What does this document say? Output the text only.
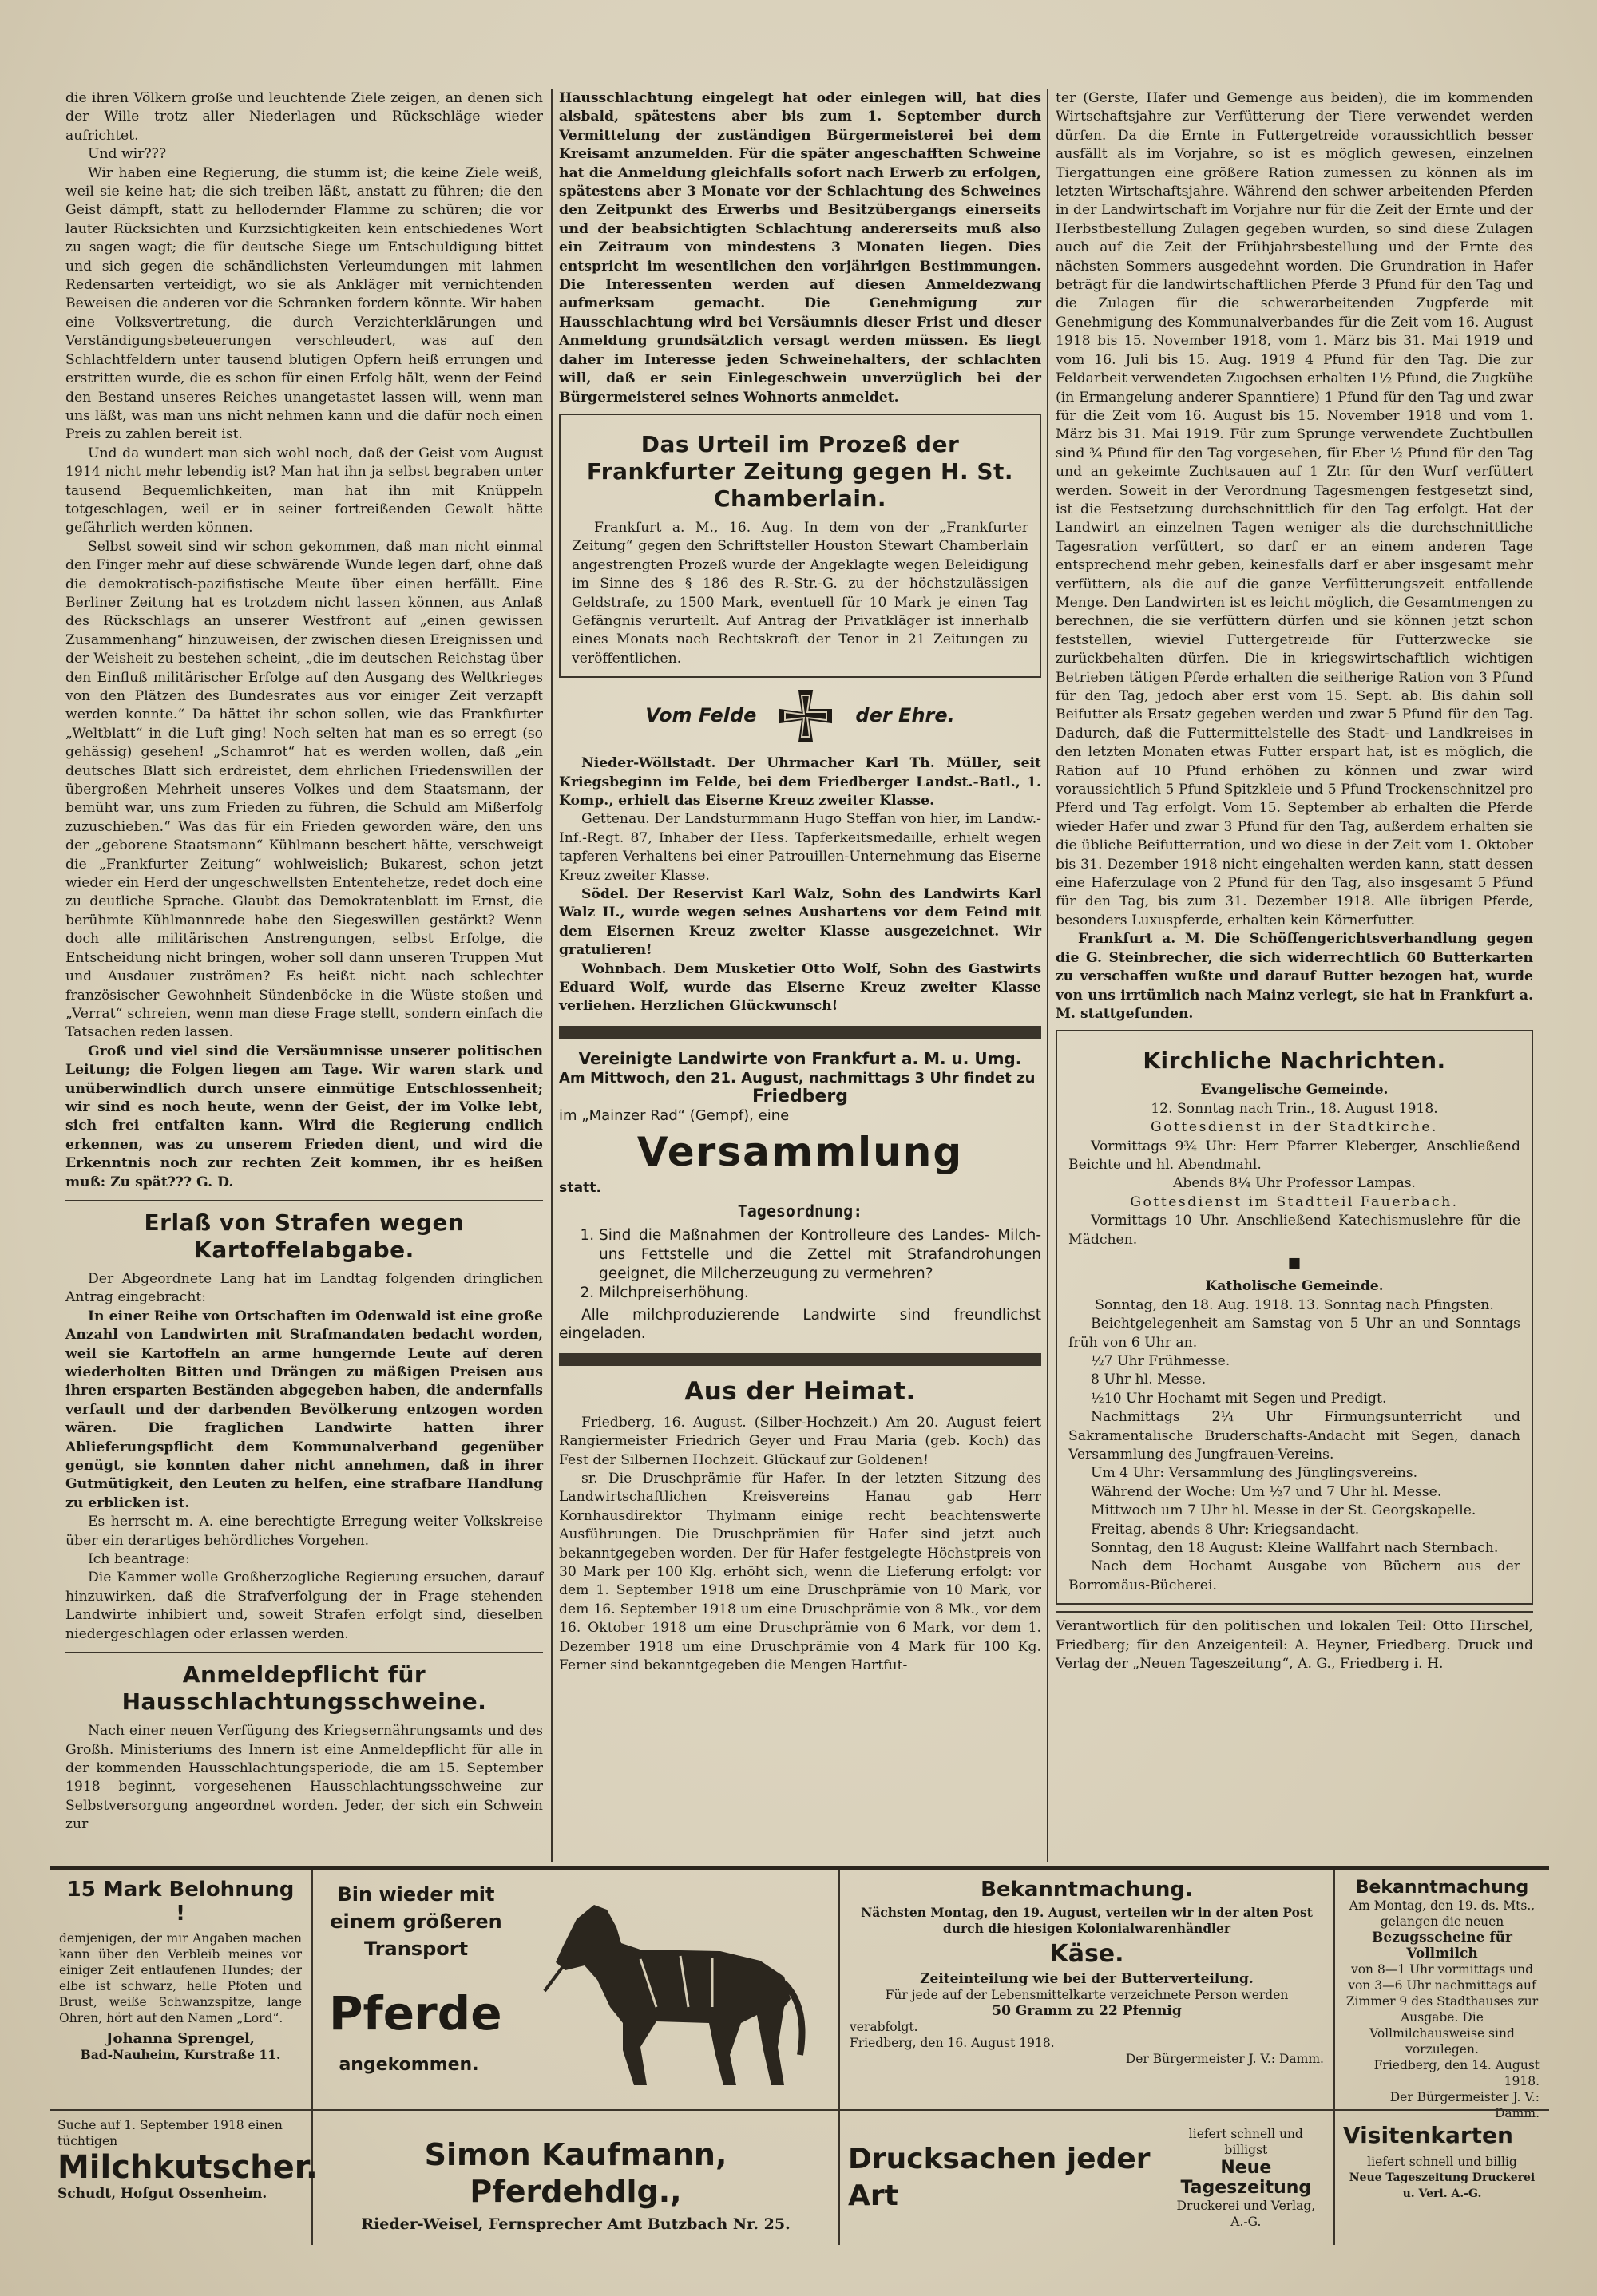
die ihren Völkern große und leuchtende Ziele zeigen, an denen sich der Wille trotz aller Niederlagen und Rückschläge wieder aufrichtet.

Und wir???

Wir haben eine Regierung, die stumm ist; die keine Ziele weiß, weil sie keine hat; die sich treiben läßt, anstatt zu führen; die den Geist dämpft, statt zu hellodernder Flamme zu schüren; die vor lauter Rücksichten und Kurzsichtigkeiten kein entschiedenes Wort zu sagen wagt; die für deutsche Siege um Entschuldigung bittet und sich gegen die schändlichsten Verleumdungen mit lahmen Redensarten verteidigt, wo sie als Ankläger mit vernichtenden Beweisen die anderen vor die Schranken fordern könnte. Wir haben eine Volksvertretung, die durch Verzichterklärungen und Verständigungsbeteuerungen verschleudert, was auf den Schlachtfeldern unter tausend blutigen Opfern heiß errungen und erstritten wurde, die es schon für einen Erfolg hält, wenn der Feind den Bestand unseres Reiches unangetastet lassen will, wenn man uns läßt, was man uns nicht nehmen kann und die dafür noch einen Preis zu zahlen bereit ist.

Und da wundert man sich wohl noch, daß der Geist vom August 1914 nicht mehr lebendig ist? Man hat ihn ja selbst begraben unter tausend Bequemlichkeiten, man hat ihn mit Knüppeln totgeschlagen, weil er in seiner fortreißenden Gewalt hätte gefährlich werden können.

Selbst soweit sind wir schon gekommen, daß man nicht einmal den Finger mehr auf diese schwärende Wunde legen darf, ohne daß die demokratisch-pazifistische Meute über einen herfällt. Eine Berliner Zeitung hat es trotzdem nicht lassen können, aus Anlaß des Rückschlags an unserer Westfront auf „einen gewissen Zusammenhang“ hinzuweisen, der zwischen diesen Ereignissen und der Weisheit zu bestehen scheint, „die im deutschen Reichstag über den Einfluß militärischer Erfolge auf den Ausgang des Weltkrieges von den Plätzen des Bundesrates aus vor einiger Zeit verzapft werden konnte.“ Da hättet ihr schon sollen, wie das Frankfurter „Weltblatt“ in die Luft ging! Noch selten hat man es so erregt (so gehässig) gesehen! „Schamrot“ hat es werden wollen, daß „ein deutsches Blatt sich erdreistet, dem ehrlichen Friedenswillen der übergroßen Mehrheit unseres Volkes und dem Staatsmann, der bemüht war, uns zum Frieden zu führen, die Schuld am Mißerfolg zuzuschieben.“ Was das für ein Frieden geworden wäre, den uns der „geborene Staatsmann“ Kühlmann beschert hätte, verschweigt die „Frankfurter Zeitung“ wohlweislich; Bukarest, schon jetzt wieder ein Herd der ungeschwellsten Ententehetze, redet doch eine zu deutliche Sprache. Glaubt das Demokratenblatt im Ernst, die berühmte Kühlmannrede habe den Siegeswillen gestärkt? Wenn doch alle militärischen Anstrengungen, selbst Erfolge, die Entscheidung nicht bringen, woher soll dann unseren Truppen Mut und Ausdauer zuströmen? Es heißt nicht nach schlechter französischer Gewohnheit Sündenböcke in die Wüste stoßen und „Verrat“ schreien, wenn man diese Frage stellt, sondern einfach die Tatsachen reden lassen.

Groß und viel sind die Versäumnisse unserer politischen Leitung; die Folgen liegen am Tage. Wir waren stark und unüberwindlich durch unsere einmütige Entschlossenheit; wir sind es noch heute, wenn der Geist, der im Volke lebt, sich frei entfalten kann. Wird die Regierung endlich erkennen, was zu unserem Frieden dient, und wird die Erkenntnis noch zur rechten Zeit kommen, ihr es heißen muß: Zu spät??? G. D.

Erlaß von Strafen wegen Kartoffelabgabe.

Der Abgeordnete Lang hat im Landtag folgenden dringlichen Antrag eingebracht:

In einer Reihe von Ortschaften im Odenwald ist eine große Anzahl von Landwirten mit Strafmandaten bedacht worden, weil sie Kartoffeln an arme hungernde Leute auf deren wiederholten Bitten und Drängen zu mäßigen Preisen aus ihren ersparten Beständen abgegeben haben, die andernfalls verfault und der darbenden Bevölkerung entzogen worden wären. Die fraglichen Landwirte hatten ihrer Ablieferungspflicht dem Kommunalverband gegenüber genügt, sie konnten daher nicht annehmen, daß in ihrer Gutmütigkeit, den Leuten zu helfen, eine strafbare Handlung zu erblicken ist.

Es herrscht m. A. eine berechtigte Erregung weiter Volkskreise über ein derartiges behördliches Vorgehen.

Ich beantrage:

Die Kammer wolle Großherzogliche Regierung ersuchen, darauf hinzuwirken, daß die Strafverfolgung der in Frage stehenden Landwirte inhibiert und, soweit Strafen erfolgt sind, dieselben niedergeschlagen oder erlassen werden.

Anmeldepflicht für Hausschlachtungsschweine.

Nach einer neuen Verfügung des Kriegsernährungsamts und des Großh. Ministeriums des Innern ist eine Anmeldepflicht für alle in der kommenden Hausschlachtungsperiode, die am 15. September 1918 beginnt, vorgesehenen Hausschlachtungsschweine zur Selbstversorgung angeordnet worden. Jeder, der sich ein Schwein zur

Hausschlachtung eingelegt hat oder einlegen will, hat dies alsbald, spätestens aber bis zum 1. September durch Vermittelung der zuständigen Bürgermeisterei bei dem Kreisamt anzumelden. Für die später angeschafften Schweine hat die Anmeldung gleichfalls sofort nach Erwerb zu erfolgen, spätestens aber 3 Monate vor der Schlachtung des Schweines den Zeitpunkt des Erwerbs und Besitzübergangs einerseits und der beabsichtigten Schlachtung andererseits muß also ein Zeitraum von mindestens 3 Monaten liegen. Dies entspricht im wesentlichen den vorjährigen Bestimmungen. Die Interessenten werden auf diesen Anmeldezwang aufmerksam gemacht. Die Genehmigung zur Hausschlachtung wird bei Versäumnis dieser Frist und dieser Anmeldung grundsätzlich versagt werden müssen. Es liegt daher im Interesse jeden Schweinehalters, der schlachten will, daß er sein Einlegeschwein unverzüglich bei der Bürgermeisterei seines Wohnorts anmeldet.

Das Urteil im Prozeß der Frankfurter Zeitung gegen H. St. Chamberlain.

Frankfurt a. M., 16. Aug. In dem von der „Frankfurter Zeitung“ gegen den Schriftsteller Houston Stewart Chamberlain angestrengten Prozeß wurde der Angeklagte wegen Beleidigung im Sinne des § 186 des R.-Str.-G. zu der höchstzulässigen Geldstrafe, zu 1500 Mark, eventuell für 10 Mark je einen Tag Gefängnis verurteilt. Auf Antrag der Privatkläger ist innerhalb eines Monats nach Rechtskraft der Tenor in 21 Zeitungen zu veröffentlichen.

Vom Felde	der Ehre.

Nieder-Wöllstadt. Der Uhrmacher Karl Th. Müller, seit Kriegsbeginn im Felde, bei dem Friedberger Landst.-Batl., 1. Komp., erhielt das Eiserne Kreuz zweiter Klasse.

Gettenau. Der Landsturmmann Hugo Steffan von hier, im Landw.-Inf.-Regt. 87, Inhaber der Hess. Tapferkeitsmedaille, erhielt wegen tapferen Verhaltens bei einer Patrouillen-Unternehmung das Eiserne Kreuz zweiter Klasse.

Södel. Der Reservist Karl Walz, Sohn des Landwirts Karl Walz II., wurde wegen seines Aushartens vor dem Feind mit dem Eisernen Kreuz zweiter Klasse ausgezeichnet. Wir gratulieren!

Wohnbach. Dem Musketier Otto Wolf, Sohn des Gastwirts Eduard Wolf, wurde das Eiserne Kreuz zweiter Klasse verliehen. Herzlichen Glückwunsch!

Vereinigte Landwirte von Frankfurt a. M. u. Umg.

Am Mittwoch, den 21. August, nachmittags 3 Uhr findet zu

Friedberg

im „Mainzer Rad“ (Gempf), eine

Versammlung

statt.

Tagesordnung:
1. Sind die Maßnahmen der Kontrolleure des Landes- Milch- uns Fettstelle und die Zettel mit Strafandrohungen geeignet, die Milcherzeugung zu vermehren?
2. Milchpreiserhöhung.

Alle milchproduzierende Landwirte sind freundlichst eingeladen.

Aus der Heimat.

Friedberg, 16. August. (Silber-Hochzeit.) Am 20. August feiert Rangiermeister Friedrich Geyer und Frau Maria (geb. Koch) das Fest der Silbernen Hochzeit. Glückauf zur Goldenen!

sr. Die Druschprämie für Hafer. In der letzten Sitzung des Landwirtschaftlichen Kreisvereins Hanau gab Herr Kornhausdirektor Thylmann einige recht beachtenswerte Ausführungen. Die Druschprämien für Hafer sind jetzt auch bekanntgegeben worden. Der für Hafer festgelegte Höchstpreis von 30 Mark per 100 Klg. erhöht sich, wenn die Lieferung erfolgt: vor dem 1. September 1918 um eine Druschprämie von 10 Mark, vor dem 16. September 1918 um eine Druschprämie von 8 Mk., vor dem 16. Oktober 1918 um eine Druschprämie von 6 Mark, vor dem 1. Dezember 1918 um eine Druschprämie von 4 Mark für 100 Kg. Ferner sind bekanntgegeben die Mengen Hartfut-

ter (Gerste, Hafer und Gemenge aus beiden), die im kommenden Wirtschaftsjahre zur Verfütterung der Tiere verwendet werden dürfen. Da die Ernte in Futtergetreide voraussichtlich besser ausfällt als im Vorjahre, so ist es möglich gewesen, einzelnen Tiergattungen eine größere Ration zumessen zu können als im letzten Wirtschaftsjahre. Während den schwer arbeitenden Pferden in der Landwirtschaft im Vorjahre nur für die Zeit der Ernte und der Herbstbestellung Zulagen gegeben wurden, so sind diese Zulagen auch auf die Zeit der Frühjahrsbestellung und der Ernte des nächsten Sommers ausgedehnt worden. Die Grundration in Hafer beträgt für die landwirtschaftlichen Pferde 3 Pfund für den Tag und die Zulagen für die schwerarbeitenden Zugpferde mit Genehmigung des Kommunalverbandes für die Zeit vom 16. August 1918 bis 15. November 1918, vom 1. März bis 31. Mai 1919 und vom 16. Juli bis 15. Aug. 1919 4 Pfund für den Tag. Die zur Feldarbeit verwendeten Zugochsen erhalten 1½ Pfund, die Zugkühe (in Ermangelung anderer Spanntiere) 1 Pfund für den Tag und zwar für die Zeit vom 16. August bis 15. November 1918 und vom 1. März bis 31. Mai 1919. Für zum Sprunge verwendete Zuchtbullen sind ¾ Pfund für den Tag vorgesehen, für Eber ½ Pfund für den Tag und an gekeimte Zuchtsauen auf 1 Ztr. für den Wurf verfüttert werden. Soweit in der Verordnung Tagesmengen festgesetzt sind, ist die Festsetzung durchschnittlich für den Tag erfolgt. Hat der Landwirt an einzelnen Tagen weniger als die durchschnittliche Tagesration verfüttert, so darf er an einem anderen Tage entsprechend mehr geben, keinesfalls darf er aber insgesamt mehr verfüttern, als die auf die ganze Verfütterungszeit entfallende Menge. Den Landwirten ist es leicht möglich, die Gesamtmengen zu berechnen, die sie verfüttern dürfen und sie können jetzt schon feststellen, wieviel Futtergetreide für Futterzwecke sie zurückbehalten dürfen. Die in kriegswirtschaftlich wichtigen Betrieben tätigen Pferde erhalten die seitherige Ration von 3 Pfund für den Tag, jedoch aber erst vom 15. Sept. ab. Bis dahin soll Beifutter als Ersatz gegeben werden und zwar 5 Pfund für den Tag. Dadurch, daß die Futtermittelstelle des Stadt- und Landkreises in den letzten Monaten etwas Futter erspart hat, ist es möglich, die Ration auf 10 Pfund erhöhen zu können und zwar wird voraussichtlich 5 Pfund Spitzkleie und 5 Pfund Trockenschnitzel pro Pferd und Tag erfolgt. Vom 15. September ab erhalten die Pferde wieder Hafer und zwar 3 Pfund für den Tag, außerdem erhalten sie die übliche Beifutterration, und wo diese in der Zeit vom 1. Oktober bis 31. Dezember 1918 nicht eingehalten werden kann, statt dessen eine Haferzulage von 2 Pfund für den Tag, also insgesamt 5 Pfund für den Tag, bis zum 31. Dezember 1918. Alle übrigen Pferde, besonders Luxuspferde, erhalten kein Körnerfutter.

Frankfurt a. M. Die Schöffengerichtsverhandlung gegen die G. Steinbrecher, die sich widerrechtlich 60 Butterkarten zu verschaffen wußte und darauf Butter bezogen hat, wurde von uns irrtümlich nach Mainz verlegt, sie hat in Frankfurt a. M. stattgefunden.

Kirchliche Nachrichten.
Evangelische Gemeinde.

12. Sonntag nach Trin., 18. August 1918.

Gottesdienst in der Stadtkirche.

Vormittags 9¾ Uhr: Herr Pfarrer Kleberger, Anschließend Beichte und hl. Abendmahl.

Abends 8¼ Uhr Professor Lampas.

Gottesdienst im Stadtteil Fauerbach.

Vormittags 10 Uhr. Anschließend Katechismuslehre für die Mädchen.

■
Katholische Gemeinde.

Sonntag, den 18. Aug. 1918. 13. Sonntag nach Pfingsten.

Beichtgelegenheit am Samstag von 5 Uhr an und Sonntags früh von 6 Uhr an.

½7 Uhr Frühmesse.

8 Uhr hl. Messe.

½10 Uhr Hochamt mit Segen und Predigt.

Nachmittags 2¼ Uhr Firmungsunterricht und Sakramentalische Bruderschafts-Andacht mit Segen, danach Versammlung des Jungfrauen-Vereins.

Um 4 Uhr: Versammlung des Jünglingsvereins.

Während der Woche: Um ½7 und 7 Uhr hl. Messe.

Mittwoch um 7 Uhr hl. Messe in der St. Georgskapelle.

Freitag, abends 8 Uhr: Kriegsandacht.

Sonntag, den 18 August: Kleine Wallfahrt nach Sternbach.

Nach dem Hochamt Ausgabe von Büchern aus der Borromäus-Bücherei.

Verantwortlich für den politischen und lokalen Teil: Otto Hirschel, Friedberg; für den Anzeigenteil: A. Heyner, Friedberg. Druck und Verlag der „Neuen Tageszeitung“, A. G., Friedberg i. H.

15 Mark Belohnung !
demjenigen, der mir Angaben machen kann über den Verbleib meines vor einiger Zeit entlaufenen Hundes; der elbe ist schwarz, helle Pfoten und Brust, weiße Schwanzspitze, lange Ohren, hört auf den Namen „Lord“.
Johanna Sprengel,
Bad-Nauheim, Kurstraße 11.
Suche auf 1. September 1918 einen tüchtigen
Milchkutscher.
Schudt, Hofgut Ossenheim.
Bin wieder mit einem größeren Transport
Pferde
angekommen.
Simon Kaufmann, Pferdehdlg.,
Rieder-Weisel, Fernsprecher Amt Butzbach Nr. 25.
Bekanntmachung.
Nächsten Montag, den 19. August, verteilen wir in der alten Post durch die hiesigen Kolonialwarenhändler
Käse.
Zeiteinteilung wie bei der Butterverteilung.
Für jede auf der Lebensmittelkarte verzeichnete Person werden
50 Gramm zu 22 Pfennig
verabfolgt.
Friedberg, den 16. August 1918.
Der Bürgermeister J. V.: Damm.
Drucksachen jeder Art
liefert schnell und billigst
Neue Tageszeitung
Druckerei und Verlag, A.-G.
Bekanntmachung
Am Montag, den 19. ds. Mts., gelangen die neuen
Bezugsscheine für Vollmilch
von 8—1 Uhr vormittags und von 3—6 Uhr nachmittags auf Zimmer 9 des Stadthauses zur Ausgabe. Die Vollmilchausweise sind vorzulegen.
Friedberg, den 14. August 1918.
Der Bürgermeister J. V.: Damm.
Visitenkarten
liefert schnell und billig
Neue Tageszeitung Druckerei u. Verl. A.-G.
